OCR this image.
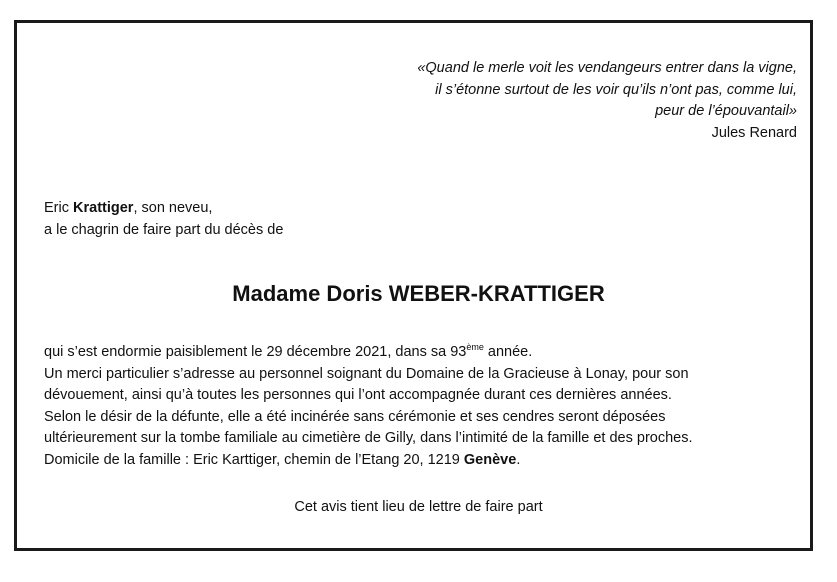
«Quand le merle voit les vendangeurs entrer dans la vigne,
il s’étonne surtout de les voir qu’ils n’ont pas, comme lui,
peur de l’épouvantail»
Jules Renard
Eric Krattiger, son neveu,
a le chagrin de faire part du décès de
Madame Doris WEBER-KRATTIGER
qui s’est endormie paisiblement le 29 décembre 2021, dans sa 93ème année.
Un merci particulier s’adresse au personnel soignant du Domaine de la Gracieuse à Lonay, pour son
dévouement, ainsi qu’à toutes les personnes qui l’ont accompagnée durant ces dernières années.
Selon le désir de la défunte, elle a été incinérée sans cérémonie et ses cendres seront déposées
ultérieurement sur la tombe familiale au cimetière de Gilly, dans l’intimité de la famille et des proches.
Domicile de la famille : Eric Karttiger, chemin de l’Etang 20, 1219 Genève.
Cet avis tient lieu de lettre de faire part
